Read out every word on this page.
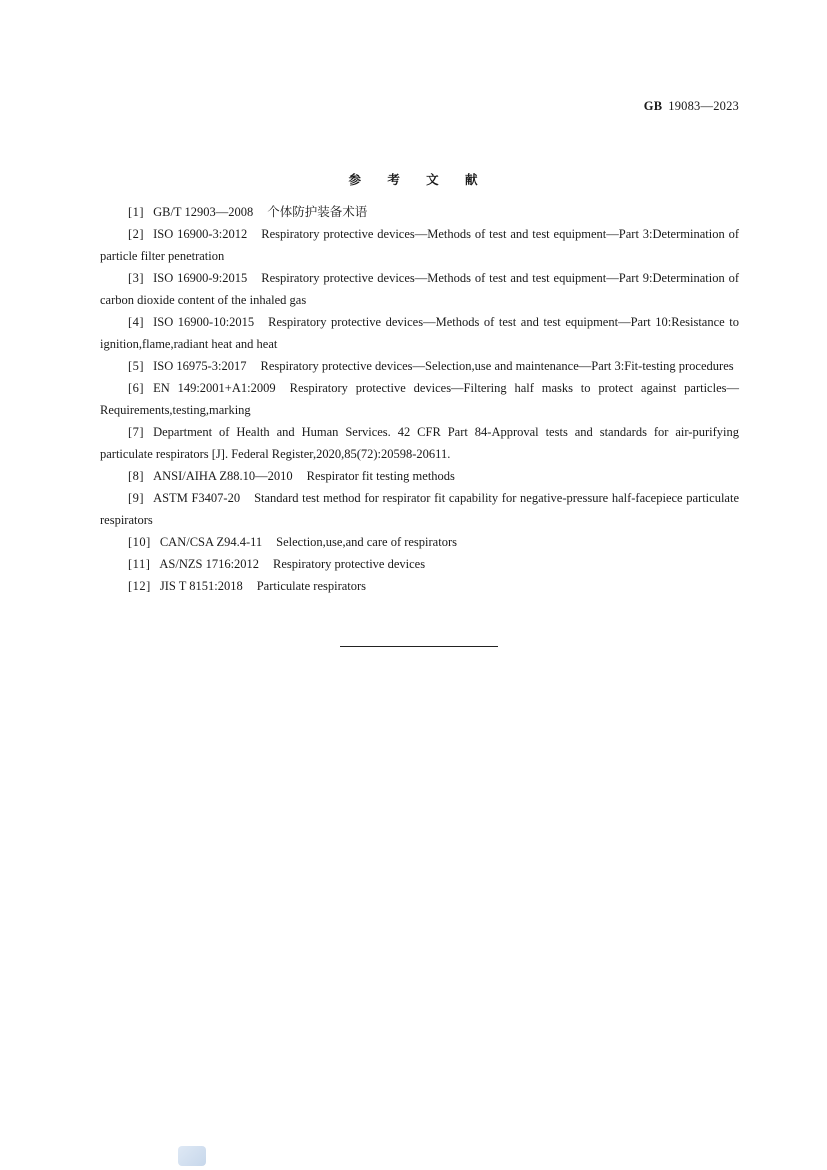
GB 19083—2023
参 考 文 献

[1] GB/T 12903—2008 个体防护装备术语

[2] ISO 16900-3:2012 Respiratory protective devices—Methods of test and test equipment—Part 3:Determination of particle filter penetration

[3] ISO 16900-9:2015 Respiratory protective devices—Methods of test and test equipment—Part 9:Determination of carbon dioxide content of the inhaled gas

[4] ISO 16900-10:2015 Respiratory protective devices—Methods of test and test equipment—Part 10:Resistance to ignition,flame,radiant heat and heat

[5] ISO 16975-3:2017 Respiratory protective devices—Selection,use and maintenance—Part 3:Fit-testing procedures

[6] EN 149:2001+A1:2009 Respiratory protective devices—Filtering half masks to protect against particles—Requirements,testing,marking

[7] Department of Health and Human Services. 42 CFR Part 84-Approval tests and standards for air-purifying particulate respirators [J]. Federal Register,2020,85(72):20598-20611.

[8] ANSI/AIHA Z88.10—2010 Respirator fit testing methods

[9] ASTM F3407-20 Standard test method for respirator fit capability for negative-pressure half-facepiece particulate respirators

[10] CAN/CSA Z94.4-11 Selection,use,and care of respirators

[11] AS/NZS 1716:2012 Respiratory protective devices

[12] JIS T 8151:2018 Particulate respirators
